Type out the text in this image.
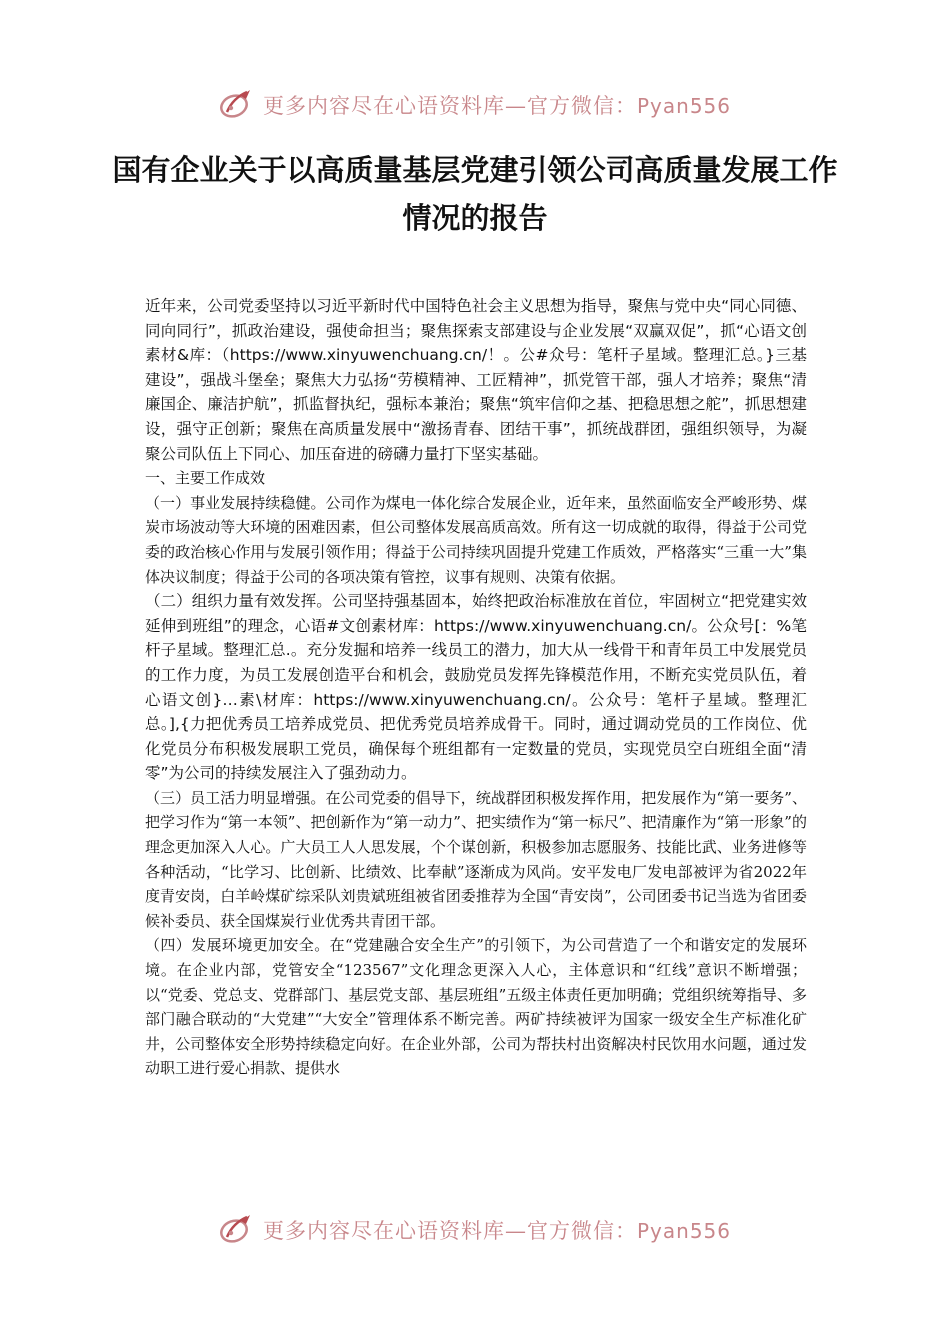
更多内容尽在心语资料库—官方微信：Pyan556
国有企业关于以高质量基层党建引领公司高质量发展工作情况的报告

近年来，公司党委坚持以习近平新时代中国特色社会主义思想为指导，聚焦与党中央“同心同德、同向同行”，抓政治建设，强使命担当；聚焦探索支部建设与企业发展“双赢双促”，抓“心语文创素材&库：（https://www.xinyuwenchuang.cn/！。公#众号：笔杆子星域。整理汇总。}三基建设”，强战斗堡垒；聚焦大力弘扬“劳模精神、工匠精神”，抓党管干部，强人才培养；聚焦“清廉国企、廉洁护航”，抓监督执纪，强标本兼治；聚焦“筑牢信仰之基、把稳思想之舵”，抓思想建设，强守正创新；聚焦在高质量发展中“激扬青春、团结干事”，抓统战群团，强组织领导，为凝聚公司队伍上下同心、加压奋进的磅礴力量打下坚实基础。

一、主要工作成效

（一）事业发展持续稳健。公司作为煤电一体化综合发展企业，近年来，虽然面临安全严峻形势、煤炭市场波动等大环境的困难因素，但公司整体发展高质高效。所有这一切成就的取得，得益于公司党委的政治核心作用与发展引领作用；得益于公司持续巩固提升党建工作质效，严格落实“三重一大”集体决议制度；得益于公司的各项决策有管控，议事有规则、决策有依据。

（二）组织力量有效发挥。公司坚持强基固本，始终把政治标准放在首位，牢固树立“把党建实效延伸到班组”的理念，心语#文创素材库：https://www.xinyuwenchuang.cn/。公众号[：%笔杆子星域。整理汇总.。充分发掘和培养一线员工的潜力，加大从一线骨干和青年员工中发展党员的工作力度，为员工发展创造平台和机会，鼓励党员发挥先锋模范作用，不断充实党员队伍，着心语文创}…素\材库：https://www.xinyuwenchuang.cn/。公众号：笔杆子星域。整理汇总。],{力把优秀员工培养成党员、把优秀党员培养成骨干。同时，通过调动党员的工作岗位、优化党员分布积极发展职工党员，确保每个班组都有一定数量的党员，实现党员空白班组全面“清零”为公司的持续发展注入了强劲动力。

（三）员工活力明显增强。在公司党委的倡导下，统战群团积极发挥作用，把发展作为“第一要务”、把学习作为“第一本领”、把创新作为“第一动力”、把实绩作为“第一标尺”、把清廉作为“第一形象”的理念更加深入人心。广大员工人人思发展，个个谋创新，积极参加志愿服务、技能比武、业务进修等各种活动，“比学习、比创新、比绩效、比奉献”逐渐成为风尚。安平发电厂发电部被评为省2022年度青安岗，白羊岭煤矿综采队刘贵斌班组被省团委推荐为全国“青安岗”，公司团委书记当选为省团委候补委员、获全国煤炭行业优秀共青团干部。

（四）发展环境更加安全。在“党建融合安全生产”的引领下，为公司营造了一个和谐安定的发展环境。在企业内部，党管安全“123567”文化理念更深入人心，主体意识和“红线”意识不断增强；以“党委、党总支、党群部门、基层党支部、基层班组”五级主体责任更加明确；党组织统筹指导、多部门融合联动的“大党建”“大安全”管理体系不断完善。两矿持续被评为国家一级安全生产标准化矿井，公司整体安全形势持续稳定向好。在企业外部，公司为帮扶村出资解决村民饮用水问题，通过发动职工进行爱心捐款、提供水

更多内容尽在心语资料库—官方微信：Pyan556
